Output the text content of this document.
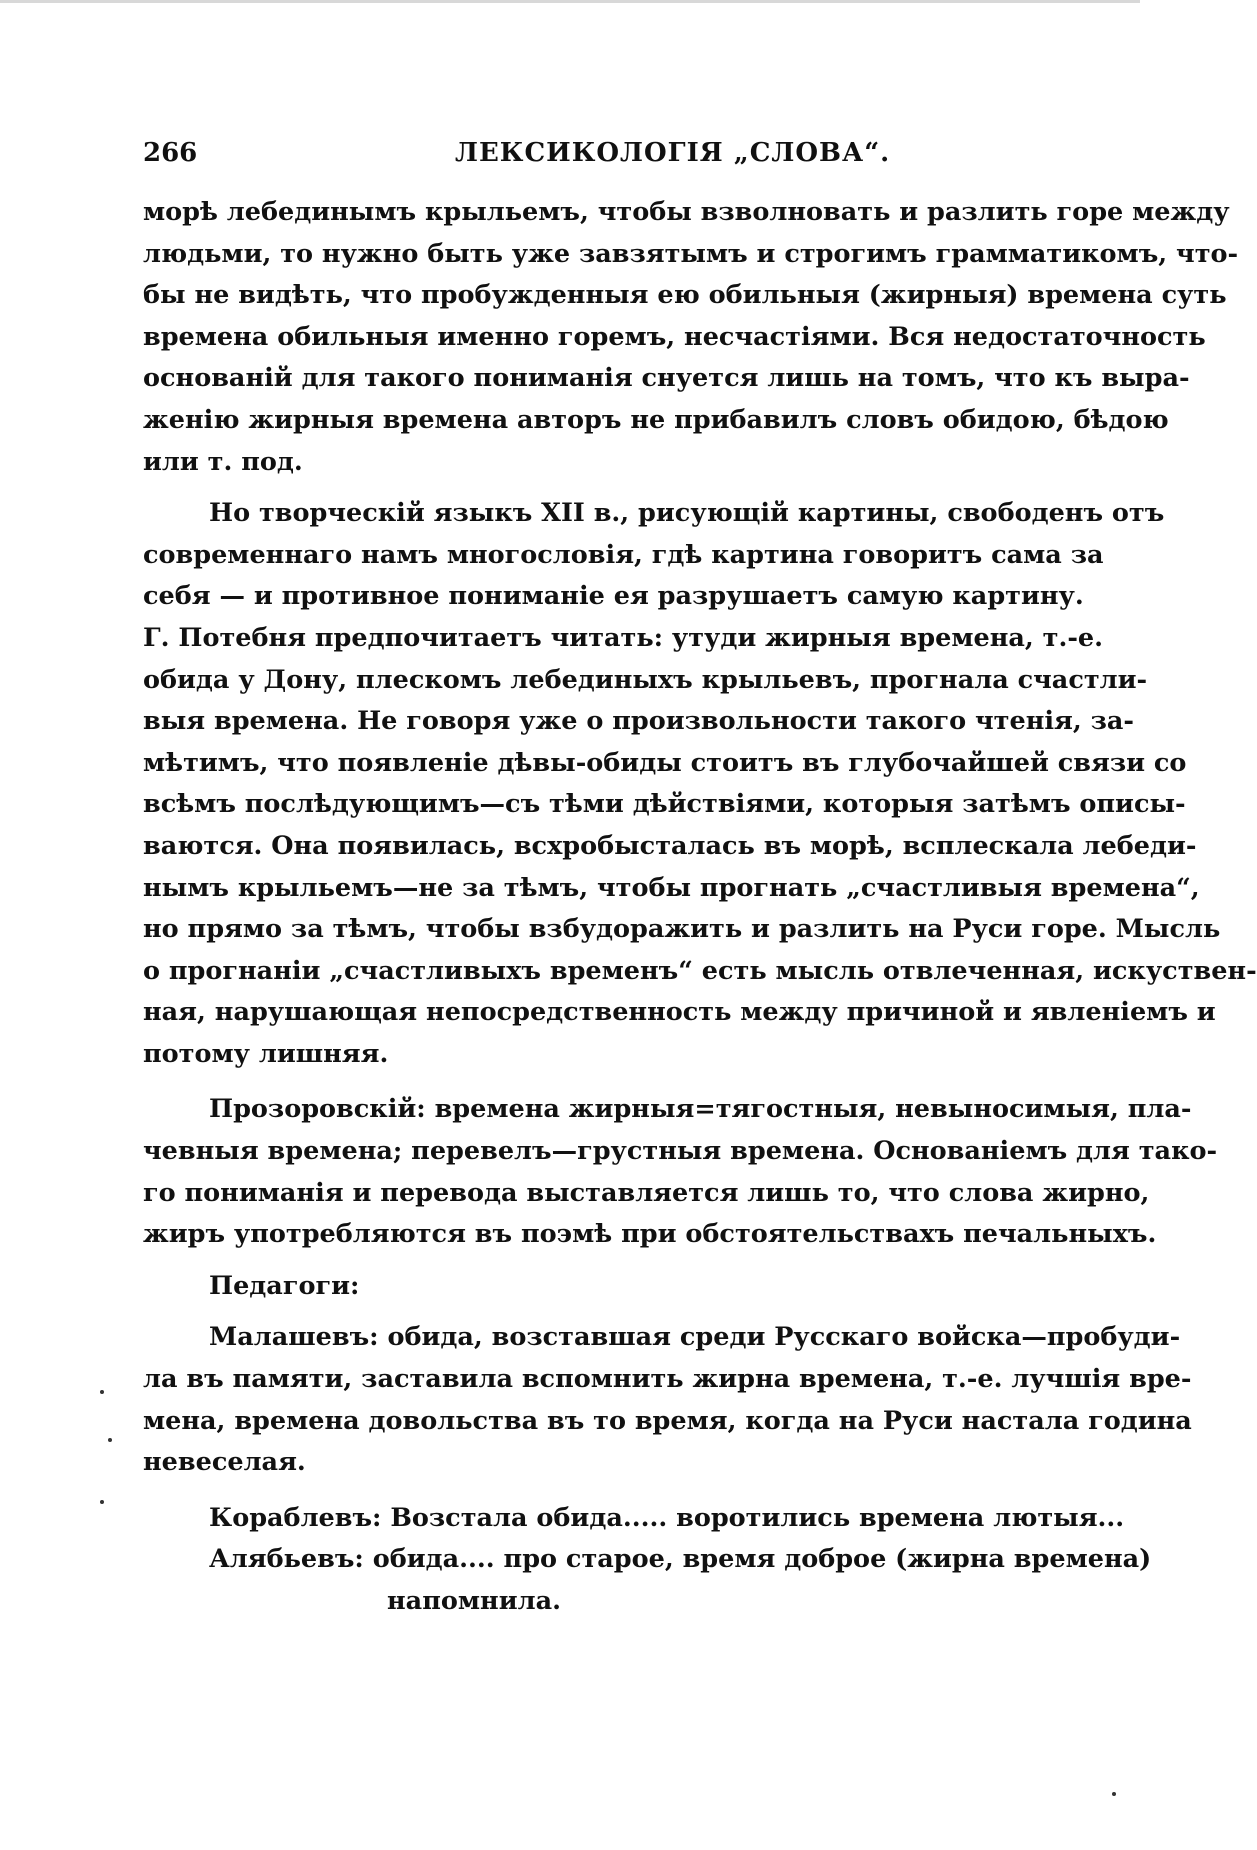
266	ЛЕКСИКОЛОГІЯ „СЛОВА“.
морѣ лебединымъ крыльемъ, чтобы взволновать и разлить горе между
людьми, то нужно быть уже завзятымъ и строгимъ грамматикомъ, что-
бы не видѣть, что пробужденныя ею обильныя (жирныя) времена суть
времена обильныя именно горемъ, несчастіями. Вся недостаточность
основаній для такого пониманія снуется лишь на томъ, что къ выра-
женію жирныя времена авторъ не прибавилъ словъ обидою, бѣдою
или т. под.
Но творческій языкъ XII в., рисующій картины, свободенъ отъ
современнаго намъ многословія, гдѣ картина говоритъ сама за
себя — и противное пониманіе ея разрушаетъ самую картину.
Г. Потебня предпочитаетъ читать: утуди жирныя времена, т.-е.
обида у Дону, плескомъ лебединыхъ крыльевъ, прогнала счастли-
выя времена. Не говоря уже о произвольности такого чтенія, за-
мѣтимъ, что появленіе дѣвы-обиды стоитъ въ глубочайшей связи со
всѣмъ послѣдующимъ—съ тѣми дѣйствіями, которыя затѣмъ описы-
ваются. Она появилась, всхробысталась въ морѣ, всплескала лебеди-
нымъ крыльемъ—не за тѣмъ, чтобы прогнать „счастливыя времена“,
но прямо за тѣмъ, чтобы взбудоражить и разлить на Руси горе. Мысль
о прогнаніи „счастливыхъ временъ“ есть мысль отвлеченная, искуствен-
ная, нарушающая непосредственность между причиной и явленіемъ и
потому лишняя.
Прозоровскій: времена жирныя=тягостныя, невыносимыя, пла-
чевныя времена; перевелъ—грустныя времена. Основаніемъ для тако-
го пониманія и перевода выставляется лишь то, что слова жирно,
жиръ употребляются въ поэмѣ при обстоятельствахъ печальныхъ.
Педагоги:
Малашевъ: обида, возставшая среди Русскаго войска—пробуди-
ла въ памяти, заставила вспомнить жирна времена, т.-е. лучшія вре-
мена, времена довольства въ то время, когда на Руси настала година
невеселая.
Кораблевъ: Возстала обида..... воротились времена лютыя...
Алябьевъ: обида.... про старое, время доброе (жирна времена)
напомнила.
